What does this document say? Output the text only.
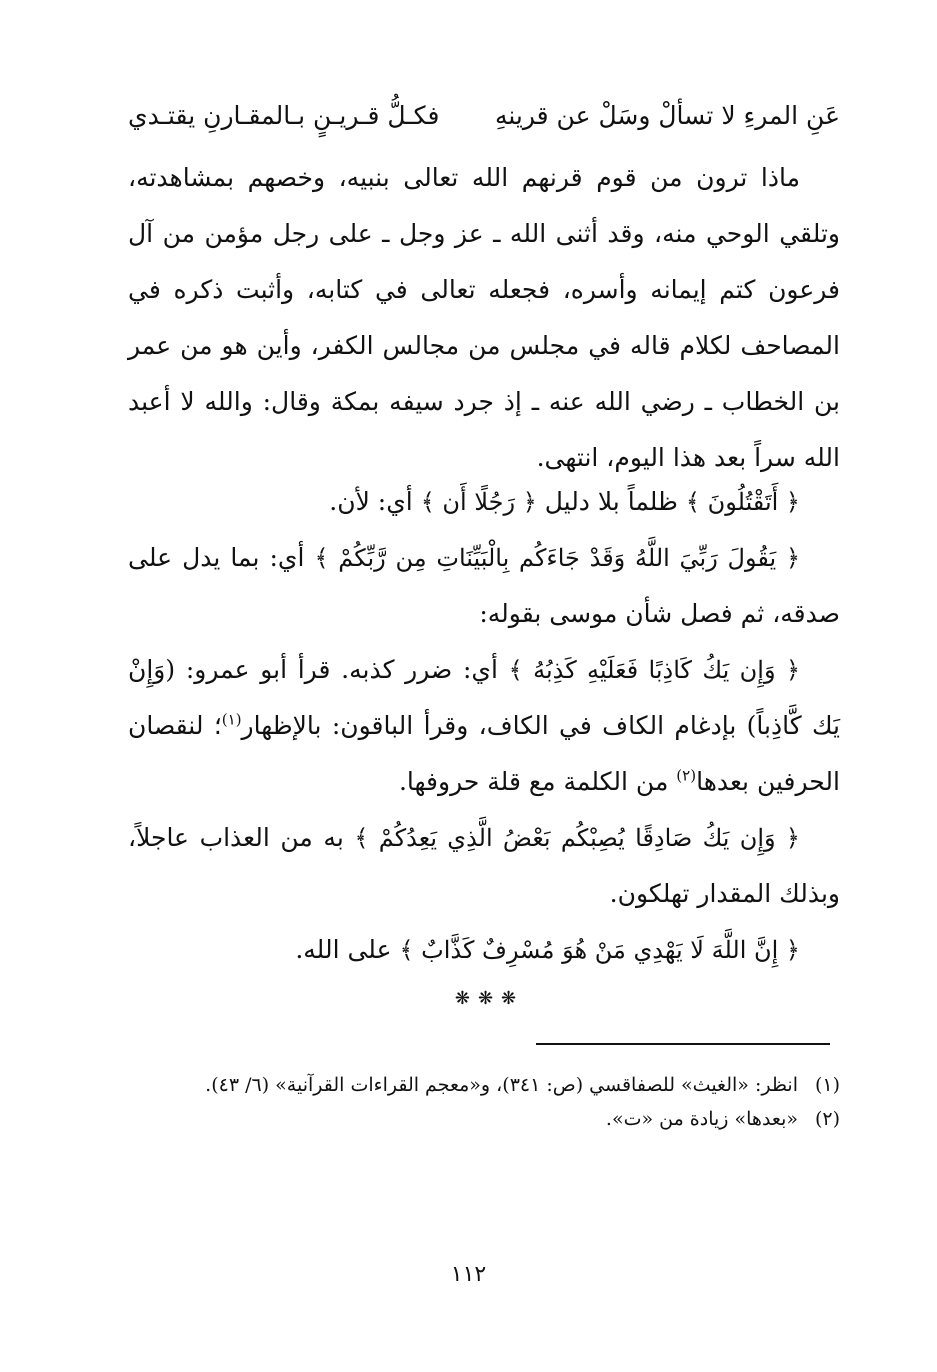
عَنِ المرءِ لا تسألْ وسَلْ عن قرينهِ
فكـلُّ قـريـنٍ بـالمقـارنِ يقتـدي

ماذا ترون من قوم قرنهم الله تعالى بنبيه، وخصهم بمشاهدته، وتلقي الوحي منه، وقد أثنى الله ـ عز وجل ـ على رجل مؤمن من آل فرعون كتم إيمانه وأسره، فجعله تعالى في كتابه، وأثبت ذكره في المصاحف لكلام قاله في مجلس من مجالس الكفر، وأين هو من عمر بن الخطاب ـ رضي الله عنه ـ إذ جرد سيفه بمكة وقال: والله لا أعبد الله سراً بعد هذا اليوم، انتهى.

﴿ أَتَقْتُلُونَ ﴾ ظلماً بلا دليل ﴿ رَجُلًا أَن ﴾ أي: لأن.

﴿ يَقُولَ رَبِّيَ اللَّهُ وَقَدْ جَاءَكُم بِالْبَيِّنَاتِ مِن رَّبِّكُمْ ﴾ أي: بما يدل على صدقه، ثم فصل شأن موسى بقوله:

﴿ وَإِن يَكُ كَاذِبًا فَعَلَيْهِ كَذِبُهُ ﴾ أي: ضرر كذبه. قرأ أبو عمرو: (وَإِنْ يَك كَّاذِباً) بإدغام الكاف في الكاف، وقرأ الباقون: بالإظهار$^{(١)}$؛ لنقصان الحرفين بعدها$^{(٢)}$ من الكلمة مع قلة حروفها.

﴿ وَإِن يَكُ صَادِقًا يُصِبْكُم بَعْضُ الَّذِي يَعِدُكُمْ ﴾ به من العذاب عاجلاً، وبذلك المقدار تهلكون.

﴿ إِنَّ اللَّهَ لَا يَهْدِي مَنْ هُوَ مُسْرِفٌ كَذَّابٌ ﴾ على الله.

❋ ❋ ❋
(١)
انظر: «الغيث» للصفاقسي (ص: ٣٤١)، و«معجم القراءات القرآنية» (٦/ ٤٣).
(٢)
«بعدها» زيادة من «ت».
١١٢
